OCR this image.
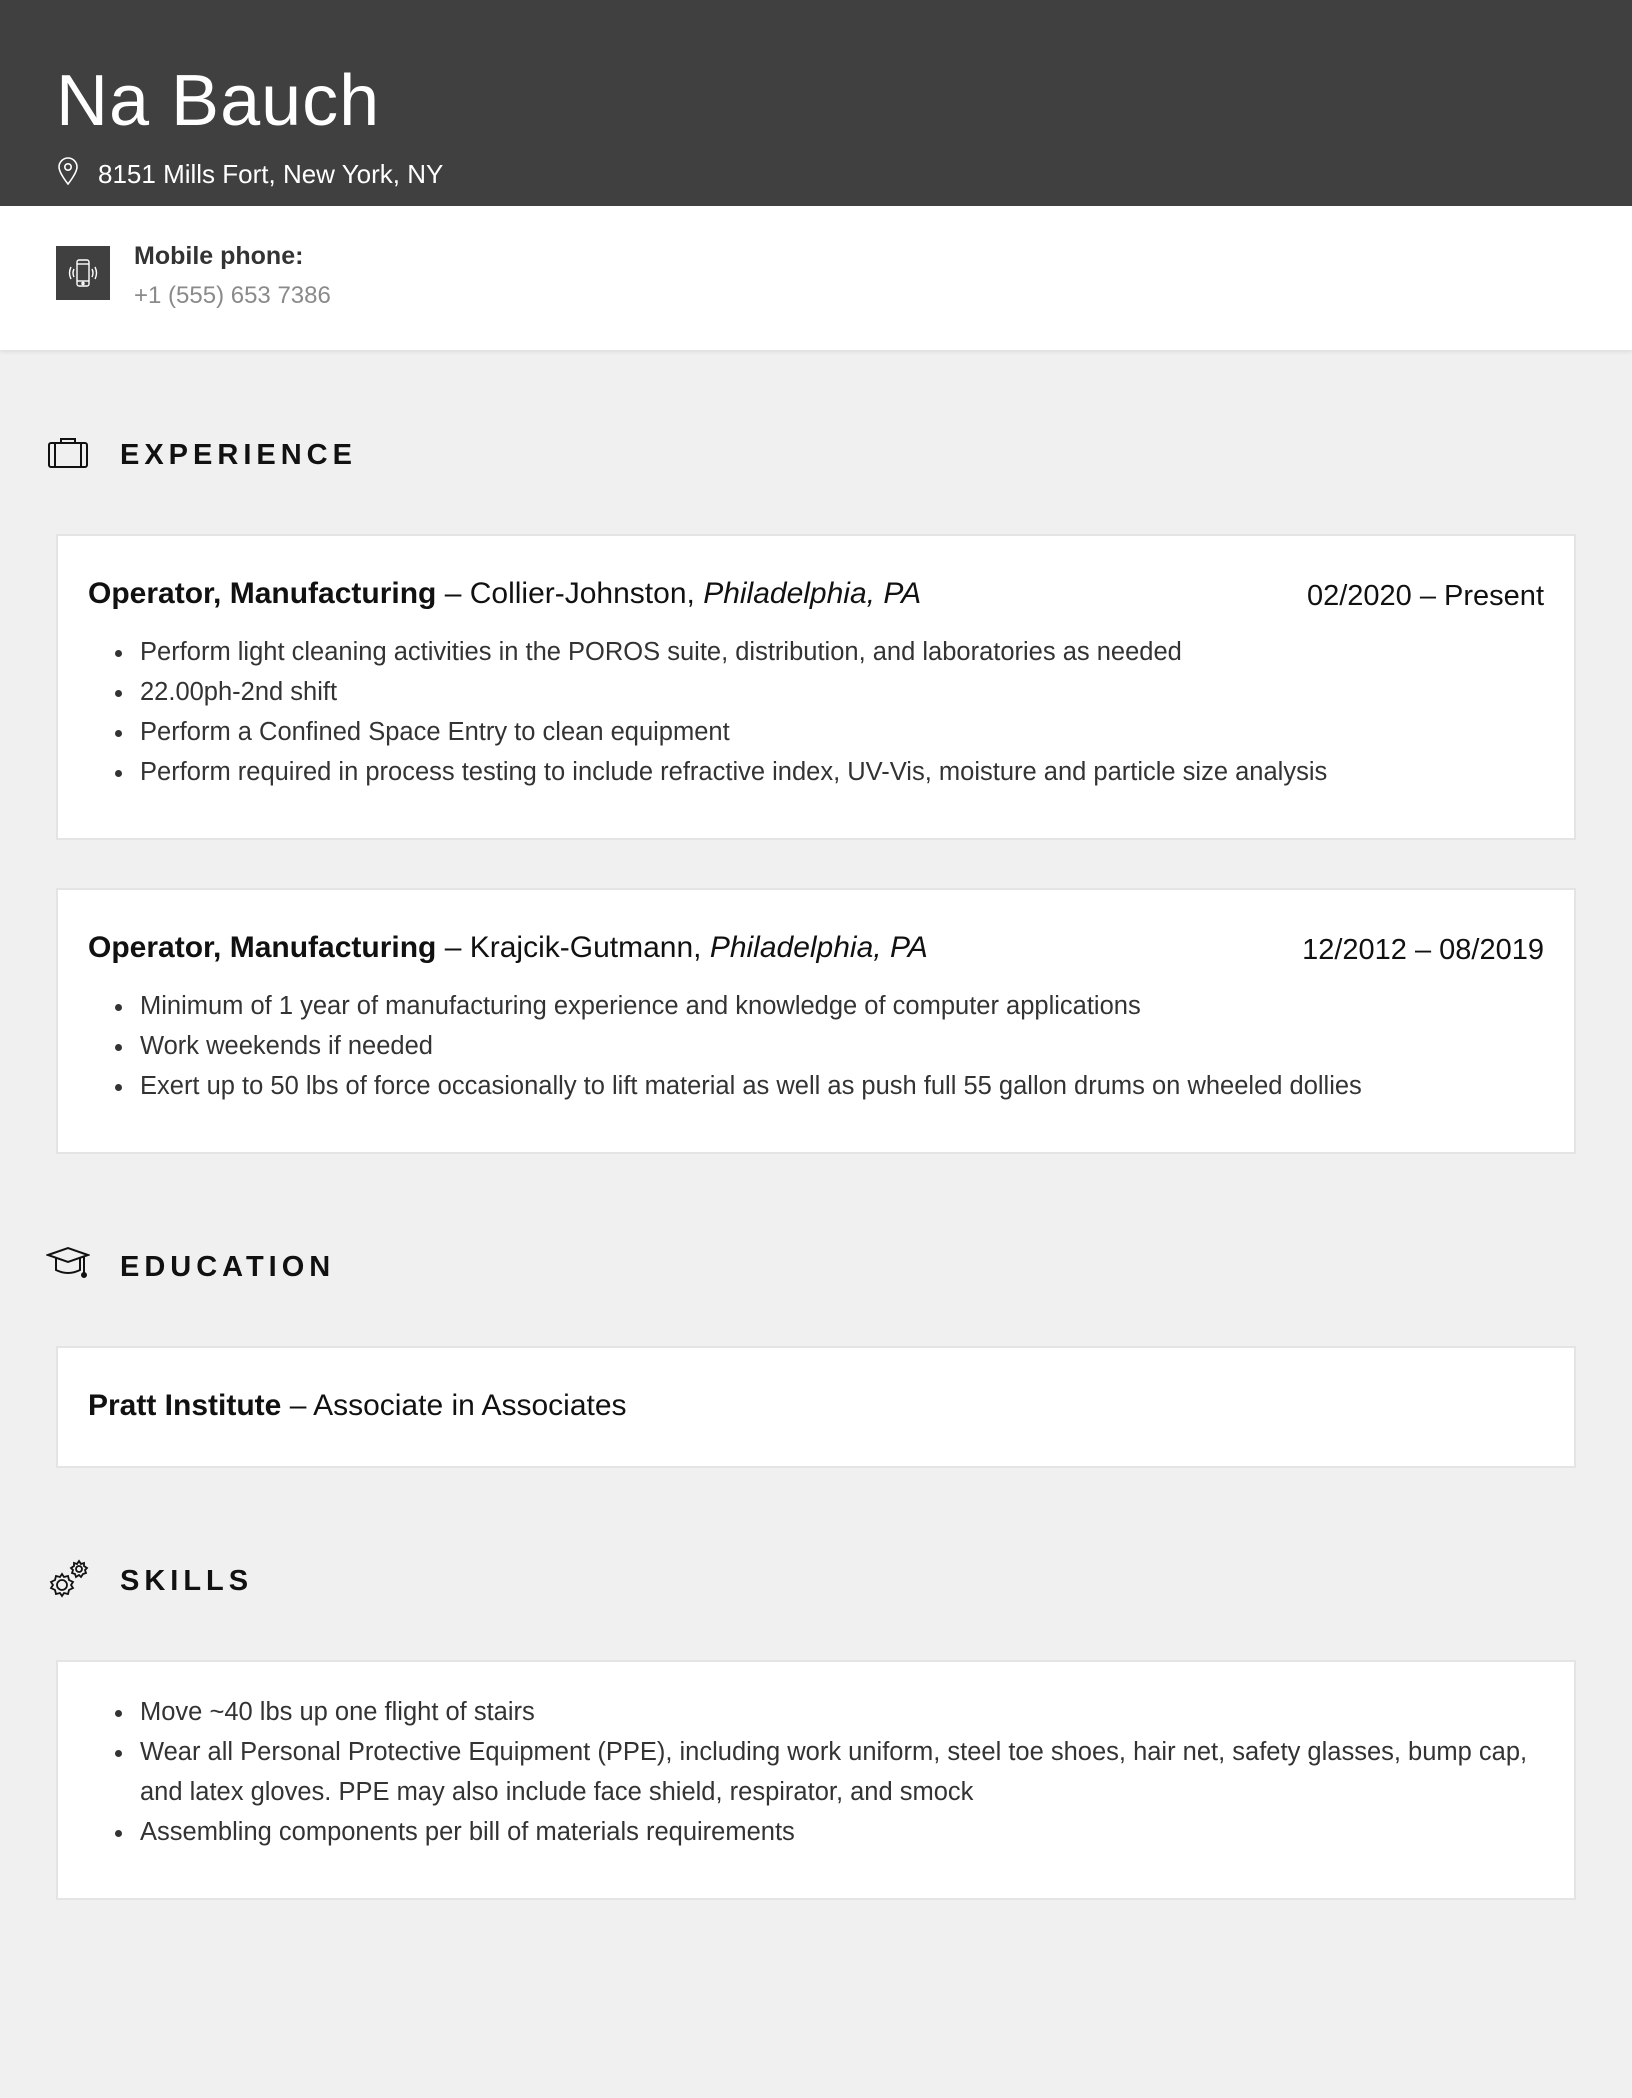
Na Bauch
8151 Mills Fort, New York, NY
Mobile phone:
+1 (555) 653 7386
EXPERIENCE
Operator, Manufacturing – Collier-Johnston, Philadelphia, PA	02/2020 – Present
• Perform light cleaning activities in the POROS suite, distribution, and laboratories as needed
• 22.00ph-2nd shift
• Perform a Confined Space Entry to clean equipment
• Perform required in process testing to include refractive index, UV-Vis, moisture and particle size analysis
Operator, Manufacturing – Krajcik-Gutmann, Philadelphia, PA	12/2012 – 08/2019
• Minimum of 1 year of manufacturing experience and knowledge of computer applications
• Work weekends if needed
• Exert up to 50 lbs of force occasionally to lift material as well as push full 55 gallon drums on wheeled dollies
EDUCATION
Pratt Institute – Associate in Associates
SKILLS
• Move ~40 lbs up one flight of stairs
• Wear all Personal Protective Equipment (PPE), including work uniform, steel toe shoes, hair net, safety glasses, bump cap, and latex gloves. PPE may also include face shield, respirator, and smock
• Assembling components per bill of materials requirements
